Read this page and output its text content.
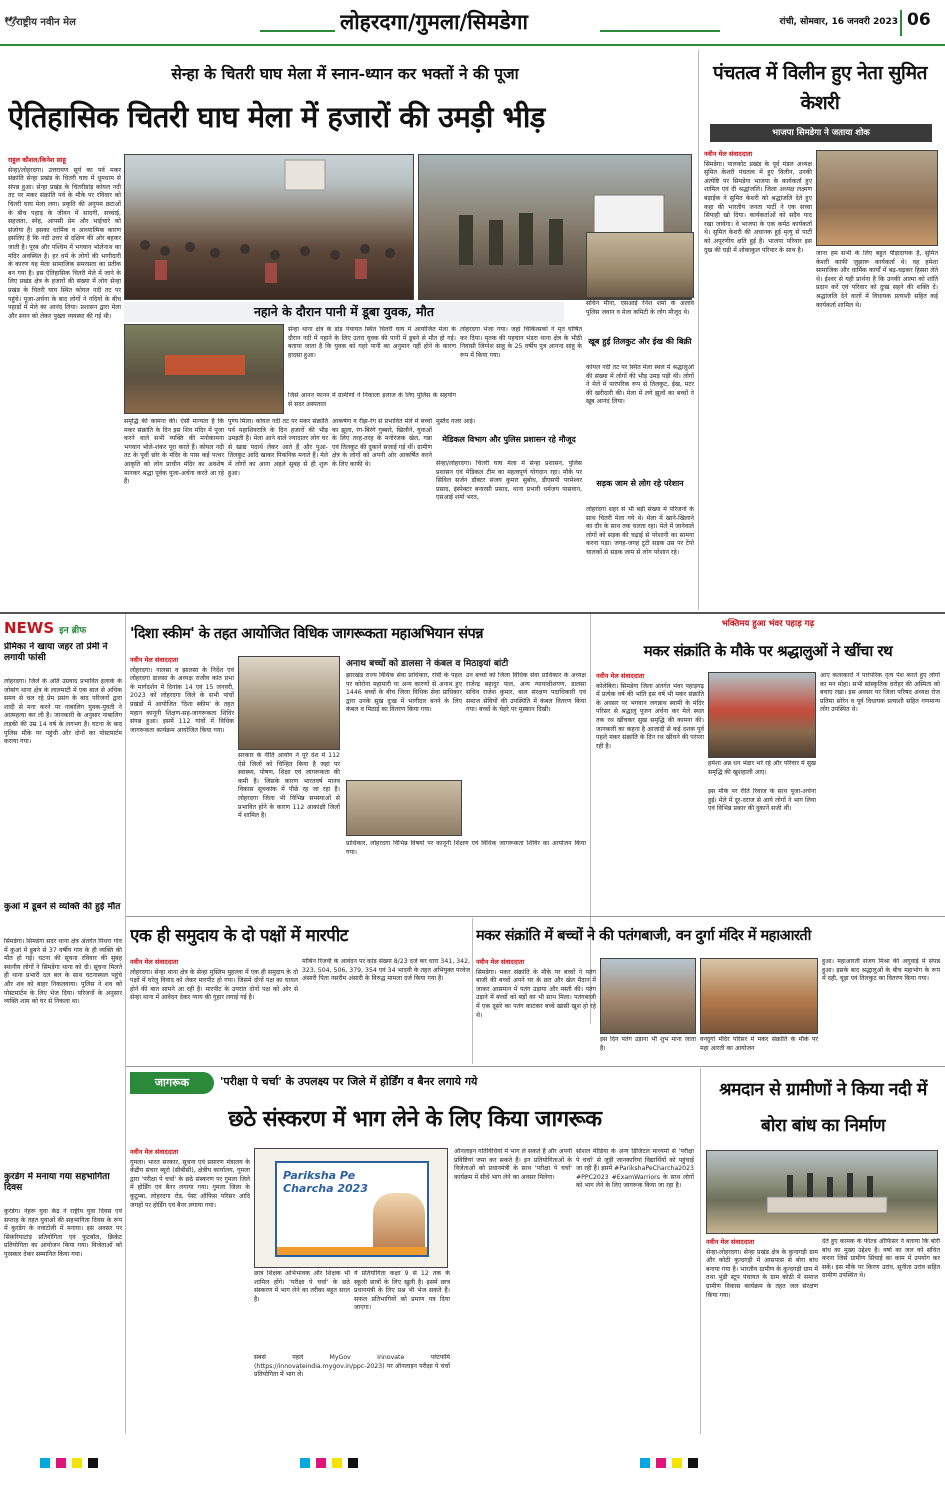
🕊राष्ट्रीय नवीन मेल	लोहरदगा/गुमला/सिमडेगा	रांची, सोमवार, 16 जनवरी 2023 06
सेन्हा के चितरी घाघ मेला में स्नान-ध्यान कर भक्तों ने की पूजा
ऐतिहासिक चितरी घाघ मेला में हजारों की उमड़ी भीड़
राहुल कौशल/किनेश साहू
सेन्हा/लोहरदगा। उत्तरायण सूर्य का पर्व मकर संक्रांति सेन्हा प्रखंड के चितरी घाघ में धूमधाम से संपन्न हुआ। सेन्हा प्रखंड के चितरीडांड़ कोयल नदी तट पर मकर संक्रांति पर्व के मौके पर रविवार को चितरी घाघ मेला लगा। प्रकृति की अनुपम छटाओं के बीच पहाड़ के जीवन में सादगी, सच्चाई, सहजता, स्नेह, आपसी प्रेम और भाईचारे को संजोया है। इसका धार्मिक व आध्यात्मिक कारण इसलिए है कि नदी उत्तर से दक्षिण की ओर बहकर जाती है। पूरब और पश्चिम में भगवान भोलेनाथ का मंदिर अवस्थित है। हर धर्म के लोगों की भागीदारी के कारण यह मेला सामाजिक समरसता का प्रतीक बन गया है। इस ऐतिहासिक चितरी मेले में जाने के लिए प्रखंड क्षेत्र के हजारों की संख्या में लोग सेन्हा प्रखंड के चितरी घाघ स्थित कोयल नदी तट पर पहुंचे। पूजा-अर्चना के बाद लोगों ने नदियों के बीच पहाड़ों में मेले का आनंद लिया। प्रशासन द्वारा मेला और स्नान को लेकर पुख्ता व्यवस्था की गई थी।	नहाने के दौरान पानी में डूबा युवक, मौत
सेन्हा थाना क्षेत्र के डांड़ पंचायत स्थित चितरी घाघ में आयोजित मेला के दौरान नदी में नहाने के लिए उतरा युवक की पानी में डूबने से मौत हो गई। बताया जाता है कि युवक को गहरे पानी का अनुमान नहीं होने के कारण हादसा हुआ।
जिसे आनन फानन में ग्रामीणों ने निकाला इलाज के लिए पुलिस के सहयोग से सदर अस्पताल
लोहरदगा भेजा गया। जहां चिकित्सकों ने मृत घोषित कर दिया। मृतक की पहचान भंडरा थाना क्षेत्र के भीठी निवासी जिग्नेश साहू के 25 वर्षीय पुत्र आनन्द साहू के रूप में किया गया।
सचिन मीना, एसआई रेनेश शर्मा के अलावे पुलिस जवान व मेला कमिटी के लोग मौजूद थे।
खूब हुई तिलकुट और ईख की बिक्री
कोयल नदी तट पर स्थित मेला स्थल में श्रद्धालुओं की संख्या में लोगों की भीड़ उमड़ पड़ी थी। लोगों ने मेले में पारंपरिक रूप से तिलकुट, ईख, मटर की खरीदारी की। मेला में लगे झूलों का बच्चों ने खूब आनंद लिया।
समृद्धि की कामना की। ऐसी मान्यता है कि मकर संक्रांति के दिन इस शिव मंदिर में पूजा करने वाले सभी व्यक्ति की मनोकामना भगवान भोले-शंकर पूरा करते हैं। कोयल नदी तट के पूर्वी छोर के मंदिर के पास कई पत्थर आकृति को लोग प्राचीन मंदिर का अवशेष मानकर श्रद्धा पूर्वक पूजा-अर्चना करते आ रहे हैं।
पुण्य मिला। कोयल नदी तट पर मकर संक्रांति पर्व महाशिवरात्रि के दिन हजारों की भीड़ उमड़ती है। मेला आने वाले ज्यादातर लोग घर से खाद्य पदार्थ लेकर आते हैं और पुआ-तिलकुट आदि खाकर पिकनिक मनाते हैं। मेले में लोगों का आना अहले सुबह से ही शुरू हुआ।
आकर्षण व रीझ-रंग से प्रभावित मेले में बच्चों का झूला, रंग-बिरंगे गुब्बारे, खिलौने, युवाओं के लिए तरह-तरह के मनोरंजक खेल, गन्ना एवं तिलकुट की दुकानें सजाई गई थीं। ग्रामीण क्षेत्र के लोगों को अपनी ओर आकर्षित करने के लिए काफी थे।
मुस्तैद नजर आई।
मेडिकल विभाग और पुलिस प्रशासन रहे मौजूद
सेन्हा/लोहरदगा। चितरी घाघ मेला में सेन्हा प्रशासन, पुलिस प्रशासन एवं मेडिकल टीम का महत्वपूर्ण योगदान रहा। मौके पर सिविल सर्जन डॉक्टर संजय कुमार सुबोध, डीएसपी परमेश्वर प्रसाद, इंस्पेक्टर बनारसी प्रसाद, थाना प्रभारी धर्मजय पासवान, एसआई शर्मा भरत,
सड़क जाम से लोग रहे परेशान
लोहरदगा शहर से भी बड़ी संख्या में परिजनों के साथ चितरी मेला गये थे। मेला में खाने-खिलाने का दौर के साथ तक चलता रहा। मेले में जानेवाले लोगों को सड़क की चढ़ाई से परेशानी का सामना करना पड़ा। जगह-जगह टूटी सड़क उस पर टेंपो चालकों से सड़क जाम से लोग परेशान रहे।
पंचतत्व में विलीन हुए नेता सुमित केशरी
भाजपा सिमडेगा ने जताया शोक
नवीन मेल संवाददाता
सिमडेगा। पालकोट प्रखंड के पूर्व मंडल अध्यक्ष सुमित केशरी पंचतत्व में हुए विलीन, उनकी अंत्येष्टि पर सिमडेगा भाजपा के कार्यकर्ता हुए शामिल एवं दी श्रद्धांजलि। जिला अध्यक्ष लक्ष्मण बड़ाईक ने सुमित केशरी को श्रद्धांजलि देते हुए कहा की भारतीय जनता पार्टी ने एक सच्चा सिपाही खो दिया। कार्यकर्ताओं को सदैव याद रखा जायेगा। वे भाजपा के एक कर्मठ कार्यकर्ता थे। सुमित केशरी की अचानक हुई मृत्यु से पार्टी को अपूरणीय क्षति हुई है। भाजपा परिवार इस दुख की घड़ी में शोकाकुल परिवार के साथ है।	जाना हम सभी के लिए बहुत पीड़ादायक है, सुमित केशरी काफी जुझारू कार्यकर्ता थे। वह हमेशा सामाजिक और धार्मिक कार्यों में बढ़-चढ़कर हिस्सा लेते थे। ईश्वर से यही प्रार्थना है कि उनकी आत्मा को शांति प्रदान करें एवं परिवार को दुःख सहने की शक्ति दें। श्रद्धांजलि देने वालों में विधायक प्रत्याशी सहित कई कार्यकर्ता शामिल थे।
NEWS इन ब्रीफ
प्रेमिका ने खाया जहर तो प्रेमी ने लगायी फांसी
लोहरदगा। जिले के अति उग्रवाद प्रभावित इलाके के जोबांग थाना क्षेत्र के लालमाटी में एक बाल से अधिक समय से चल रहे प्रेम प्रसंग के बाद परिजनों द्वारा शादी से मना करने पर नाबालिग युवक-युवती ने आत्महत्या कर ली है। जानकारी के अनुसार नाबालिग लड़की की उम्र 14 वर्ष के लगभग है। घटना के बाद पुलिस मौके पर पहुंची और दोनों का पोस्टमार्टम कराया गया।
कुआं में डूबने से व्यक्ति की हुई मौत
सिमडेगा। सिमडेगा सदर थाना क्षेत्र अंतर्गत पिथरा गांव में कुआं में डूबने से 37 वर्षीय गांव के ही व्यक्ति की मौत हो गई। घटना की सूचना रविवार की सुबह स्थानीय लोगों ने सिमडेगा थाना को दी। सूचना मिलते ही थाना प्रभारी दल बल के साथ घटनास्थल पहुंचे और शव को बाहर निकलवाया। पुलिस ने शव को पोस्टमार्टम के लिए भेज दिया। परिजनों के अनुसार व्यक्ति शाम को घर से निकला था।
कुरडेग में मनाया गया सहभागिता दिवस
कुरडेग। नेहरू युवा केंद्र ने राष्ट्रीय युवा दिवस एवं सप्ताह के तहत युवाओं की सहभागिता दिवस के रूप में कुरडेग के नवाटोली में मनाया। इस अवसर पर सिकरियाटांड़ प्रतियोगिता एवं फुटबॉल, क्रिकेट प्रतियोगिता का आयोजन किया गया। विजेताओं को पुरस्कार देकर सम्मानित किया गया।
'दिशा स्कीम' के तहत आयोजित विधिक जागरूकता महाअभियान संपन्न
नवीन मेल संवाददाता
लोहरदगा। नालसा व झालसा के निर्देश एवं लोहरदगा डालसा के अध्यक्ष राजीव कांत प्रभा के मार्गदर्शन में दिनांक 14 एवं 15 जनवरी, 2023 को लोहरदगा जिले के सभी पांचों प्रखंडों में आयोजित 'दिशा स्कीम' के तहत महान कानूनी शिक्षण-सह-जागरूकता शिविर संपन्न हुआ। इसमें 112 गांवों में विधिक जागरूकता कार्यक्रम आयोजित किया गया।
सरकार के नीति आयोग ने पूरे देश में 112 ऐसे जिलों को चिन्हित किया है जहां पर स्वास्थ्य, पोषण, शिक्षा एवं जागरूकता की कमी है। जिसके कारण भारतवर्ष मानव विकास सूचकांक में पीछे रह जा रहा है। लोहरदगा जिला भी विभिन्न समस्याओं से प्रभावित होने के कारण 112 आकांक्षी जिलों में शामिल है।
अनाथ बच्चों को डालसा ने कंबल व मिठाइयां बांटी
झारखंड राज्य विधिक सेवा प्राधिकार, रांची के पहल पर कोरोना महामारी या अन्य कारणों से अनाथ हुए 1446 बच्चों के बीच जिला विधिक सेवा प्राधिकार द्वारा उनके सुख दुःख में भागीदार बनने के लिए कंबल व मिठाई का वितरण किया गया।
उन बच्चों को जिला विधिक सेवा प्राधिकार के अध्यक्ष राजेन्द्र बहादुर पाल, अन्य न्यायाधीशगण, डालसा सचिव राजेश कुमार, बाल संरक्षण पदाधिकारी एवं समाज सेवियों की उपस्थिति में कंबल वितरण किया गया। बच्चों के चेहरे पर मुस्कान दिखी।
प्राधिकार, लोहरदगा विभिन्न विषयों पर कानूनी शिक्षण एवं विधिक जागरूकता शिविर का आयोजन किया गया।
भक्तिमय हुआ भंवर पहाड़ गढ़
मकर संक्रांति के मौके पर श्रद्धालुओं ने खींचा रथ
नवीन मेल संवाददाता
कोलेबिरा। सिमडेगा जिला अंतर्गत भंवर पहाड़गढ़ में प्रत्येक वर्ष की भांति इस वर्ष भी मकर संक्रांति के अवसर पर भगवान जगन्नाथ स्वामी के मंदिर परिसर से श्रद्धालु पूजन अर्चना कर मेले स्थल तक रथ खींचकर सुख समृद्धि की कामना की। जानकारी का कहना है आजादी से कई दशक पूर्व पहले मकर संक्रांति के दिन रथ खींचने की परंपरा रही है।
हमेशा अन्न धन भंडार भरे रहे और परिवार में सुख समृद्धि की खुशहाली आए।
इस मौके पर रीति रिवाज के साथ पूजा-अर्चना हुई। मेले में दूर-दराज से आये लोगों ने भाग लिया एवं विभिन्न प्रकार की दुकानें सजी थीं।
आए कलाकारों ने पारंपरिक नृत्य पेश करते हुए लोगों का मन मोहा। सभी सांस्कृतिक धरोहर की अस्मिता को बचाए रखा। इस अवसर पर जिला परिषद अध्यक्ष रोज प्रतिमा सोरेन व पूर्व विधायक प्रत्याशी सहित गणमान्य लोग उपस्थित थे।
एक ही समुदाय के दो पक्षों में मारपीट
नवीन मेल संवाददाता
लोहरदगा। सेन्हा थाना क्षेत्र के सेन्हा मुस्लिम मुहल्ला में एक ही समुदाय के दो पक्षों में घरेलू विवाद को लेकर मारपीट हो गया। जिसमें दोनों पक्ष का घायल होने की बात सामने आ रही है। मारपीट के उपरांत दोनों पक्ष को ओर से सेन्हा थाना में आवेदन देकर न्याय की गुहार लगाई गई है।
मोबिन रिजवी के आवेदन पर कांड संख्या 8/23 दर्ज कर धारा 341, 342, 323, 504, 506, 379, 354 एवं 34 भादवी के तहत अभियुक्त परवेज अंसारी पिता नसरीम अंसारी के विरुद्ध मामला दर्ज किया गया है।
मकर संक्रांति में बच्चों ने की पतंगबाजी, वन दुर्गा मंदिर में महाआरती
नवीन मेल संवाददाता
सिमडेगा। मकर संक्रांति के मौके पर बच्चों ने पतंग बाजी की बच्चों अपने घर के छत और खेल मैदान में जाकर आसमान में पतंग उड़ाया और मस्ती की। पतंग उड़ाने में बच्चों को बड़ों का भी साथ मिला। पतंगबाजी में एक दूसरे का पतंग काटकर बच्चे खासी खुश हो रहे थे।
इस दिन पतंग उड़ाना भी शुभ माना जाता है।
वनदुर्गा मंदिर परिसर में मकर संक्रांति के मौके पर महा आरती का आयोजन
हुआ। महाआरती संजय मिश्रा की अगुवाई में संपन्न हुआ। इसके बाद श्रद्धालुओं के बीच महाभोग के रूप में दही, चूड़ा एवं तिलकुट का वितरण किया गया।
जागरूक	'परीक्षा पे चर्चा' के उपलक्ष्य पर जिले में होर्डिंग व बैनर लगाये गये
छठे संस्करण में भाग लेने के लिए किया जागरूक
नवीन मेल संवाददाता
गुमला। भारत सरकार, सूचना एवं प्रसारण मंत्रालय के केंद्रीय संचार ब्यूरो (सीबीसी), क्षेत्रीय कार्यालय, गुमला द्वारा 'परीक्षा पे चर्चा' के छठे संस्करण पर गुमला जिले में होर्डिंग एवं बैनर लगाया गया। गुमला जिला के कुटुम्बा, लोहरदगा रोड, पेस्ट ऑफिस परिसर आदि जगहों पर होर्डिंग एवं बैनर लगाया गया।
Pariksha Pe Charcha 2023
छात्र शिक्षक अभिभावक और शिक्षक भी शामिल होंगे। 'परीक्षा पे चर्चा' के छठे संस्करण में भाग लेने का तरीका बहुत सरल है।
ये प्रतियोगिता कक्षा 9 से 12 तक के स्कूली छात्रों के लिए खुली है। इसमें छात्र प्रधानमंत्री के लिए प्रश्न भी भेज सकते हैं। सफल प्रतिभागियों को प्रमाण पत्र दिया जाएगा।
सबसे पहले MyGov Innovate प्लेटफॉर्म (https://innovateindia.mygov.in/ppc-2023) पर ऑनलाइन परीक्षा पे चर्चा प्रतियोगिता में भाग लें।
ऑनलाइन गतिविधियों में भाग ले सकते हैं और अपनी प्रविष्टियां जमा कर सकते हैं। इन प्रतियोगिताओं के विजेताओं को प्रधानमंत्री के साथ 'परीक्षा पे चर्चा' कार्यक्रम में सीधे भाग लेने का अवसर मिलेगा।
सोशल मीडिया के अन्य डिजिटल माध्यमों से 'परीक्षा पे चर्चा' से जुड़ी जानकारियां विद्यार्थियों को पहुंचाई जा रही हैं। इसमें #ParikshaPeCharcha2023 #PPC2023 #ExamWarriors के साथ लोगों को भाग लेने के लिए जागरूक किया जा रहा है।
श्रमदान से ग्रामीणों ने किया नदी में बोरा बांध का निर्माण
नवीन मेल संवाददाता
सेन्हा-लोहरदगा। सेन्हा प्रखंड क्षेत्र के कुन्दगड़ी ग्राम और कोठी कुन्दगड़ी में आसपास से बोरा बांध बनाया गया है। भारतीय ग्रामीण के कुन्दगड़ी ग्राम में तथा भुंडी स्टूप पंचायत के ग्राम कोठी में समाज ग्रामीण विकास कार्यक्रम के तहत जल संरक्षण किया गया।
देते हुए कामक के फील्ड ऑफिसर ने बताया कि बोरी बांध का मुख्य उद्देश्य है। वर्षा का जल को संचित करना जिसे ग्रामीण सिंचाई का काम में उपयोग कर सकें। इस मौके पर किरण उरांव, सुनीता उरांव सहित ग्रामीण उपस्थित थे।
